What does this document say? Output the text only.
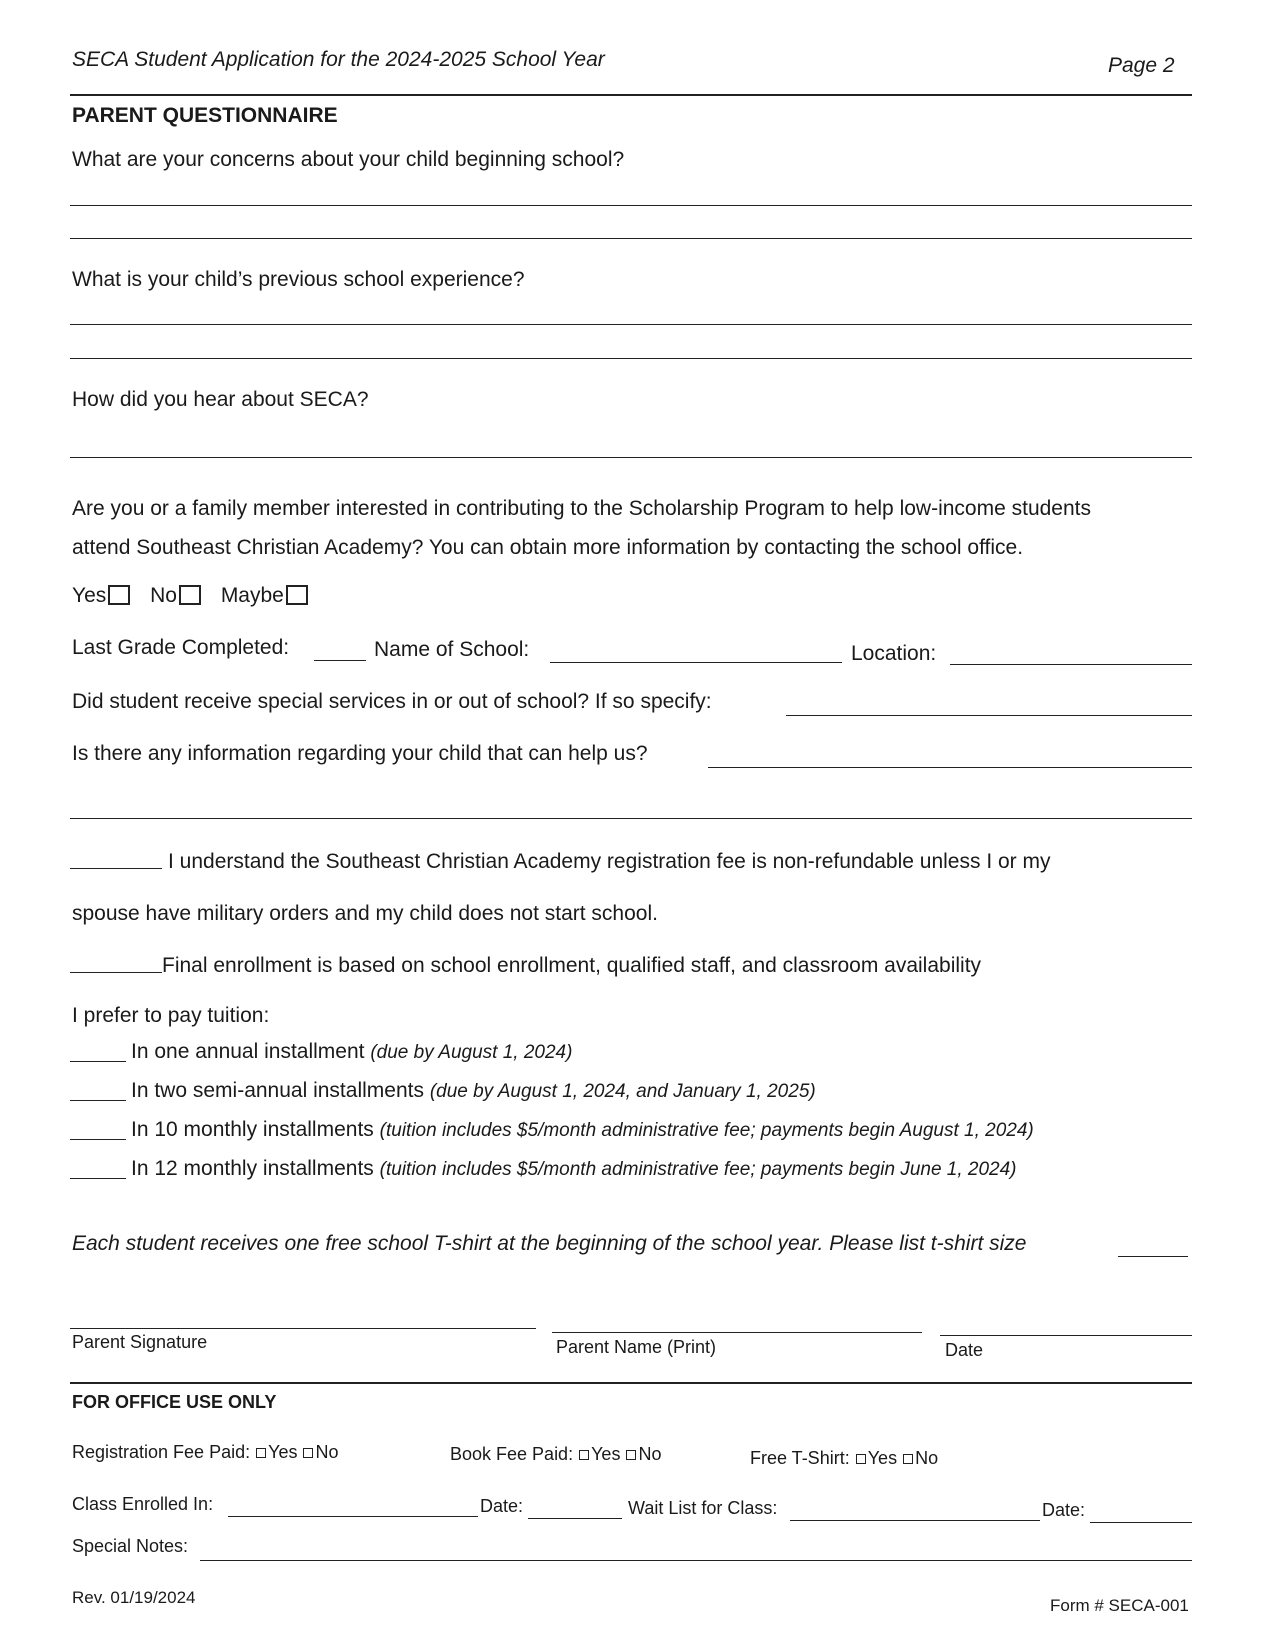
SECA Student Application for the 2024-2025 School Year	Page 2
PARENT QUESTIONNAIRE
What are your concerns about your child beginning school?
What is your child’s previous school experience?
How did you hear about SECA?
Are you or a family member interested in contributing to the Scholarship Program to help low-income students
attend Southeast Christian Academy? You can obtain more information by contacting the school office.
Yes No Maybe
Last Grade Completed:	Name of School:	Location:
Did student receive special services in or out of school? If so specify:
Is there any information regarding your child that can help us?
I understand the Southeast Christian Academy registration fee is non-refundable unless I or my
spouse have military orders and my child does not start school.
Final enrollment is based on school enrollment, qualified staff, and classroom availability
I prefer to pay tuition:
In one annual installment (due by August 1, 2024)
In two semi-annual installments (due by August 1, 2024, and January 1, 2025)
In 10 monthly installments (tuition includes $5/month administrative fee; payments begin August 1, 2024)
In 12 monthly installments (tuition includes $5/month administrative fee; payments begin June 1, 2024)
Each student receives one free school T-shirt at the beginning of the school year. Please list t-shirt size
Parent Signature	Parent Name (Print)	Date
FOR OFFICE USE ONLY
Registration Fee Paid: Yes No	Book Fee Paid: Yes No	Free T-Shirt: Yes No
Class Enrolled In:	Date:	Wait List for Class:	Date:
Special Notes:
Rev. 01/19/2024	Form # SECA-001
